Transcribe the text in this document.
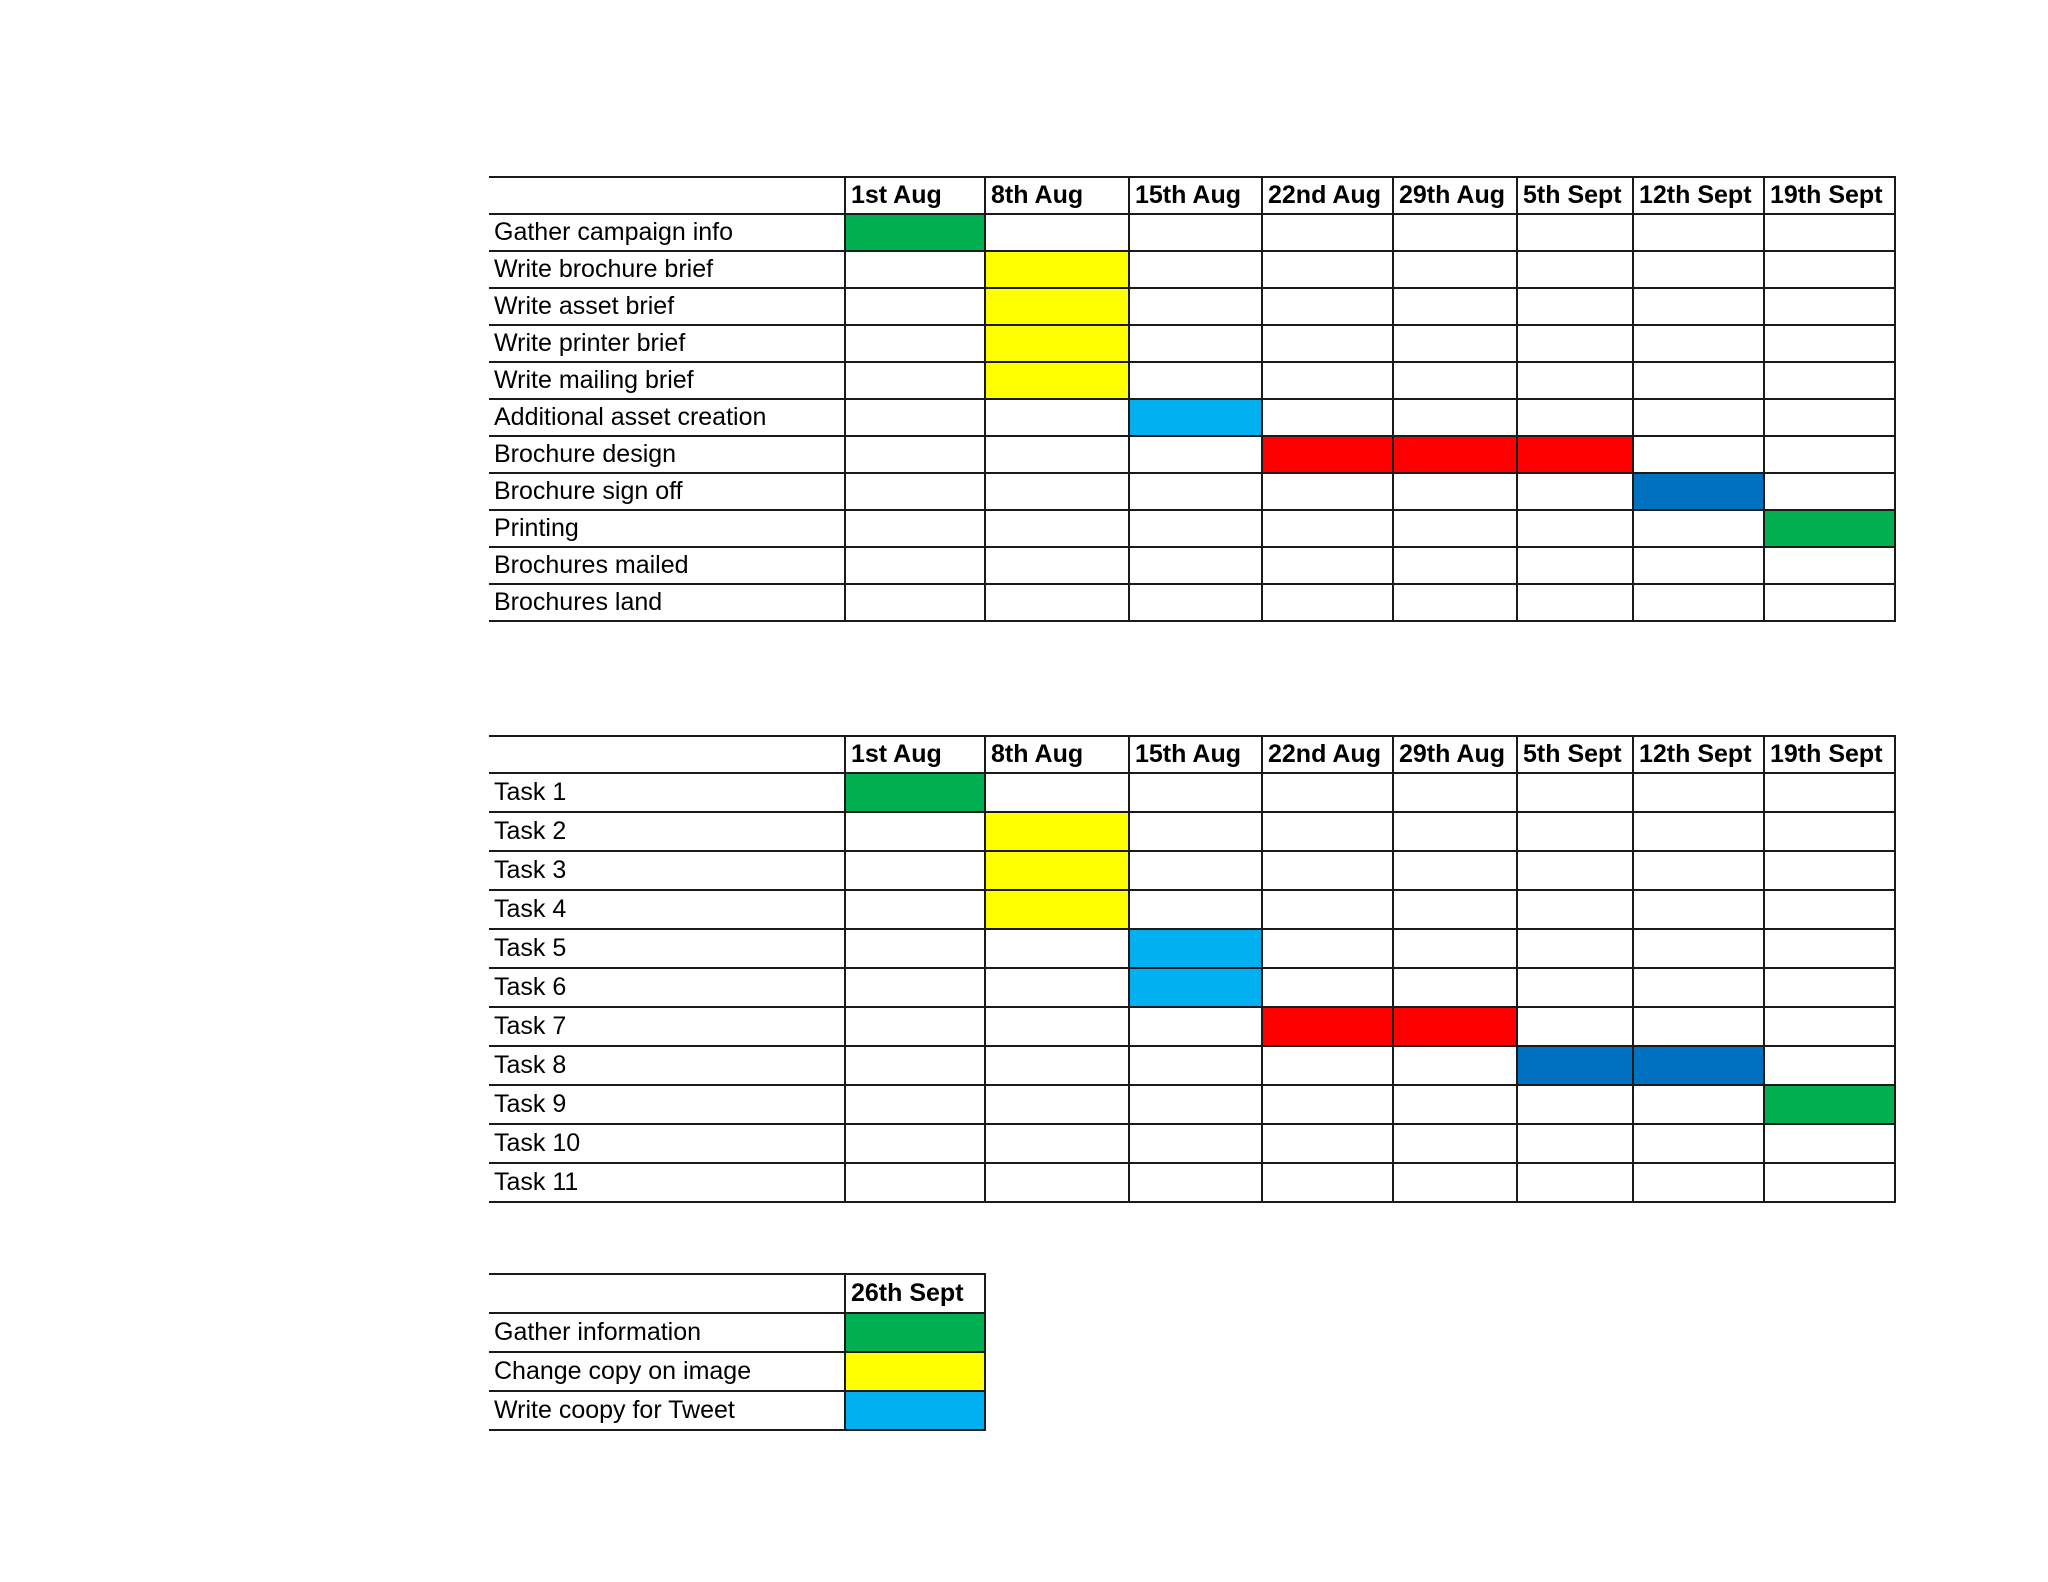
	1st Aug	8th Aug	15th Aug	22nd Aug	29th Aug	5th Sept	12th Sept	19th Sept
Gather campaign info								
Write brochure brief								
Write asset brief								
Write printer brief								
Write mailing brief								
Additional asset creation								
Brochure design								
Brochure sign off								
Printing								
Brochures mailed								
Brochures land								
	1st Aug	8th Aug	15th Aug	22nd Aug	29th Aug	5th Sept	12th Sept	19th Sept
Task 1								
Task 2								
Task 3								
Task 4								
Task 5								
Task 6								
Task 7								
Task 8								
Task 9								
Task 10								
Task 11								
	26th Sept
Gather information	
Change copy on image	
Write coopy for Tweet	
